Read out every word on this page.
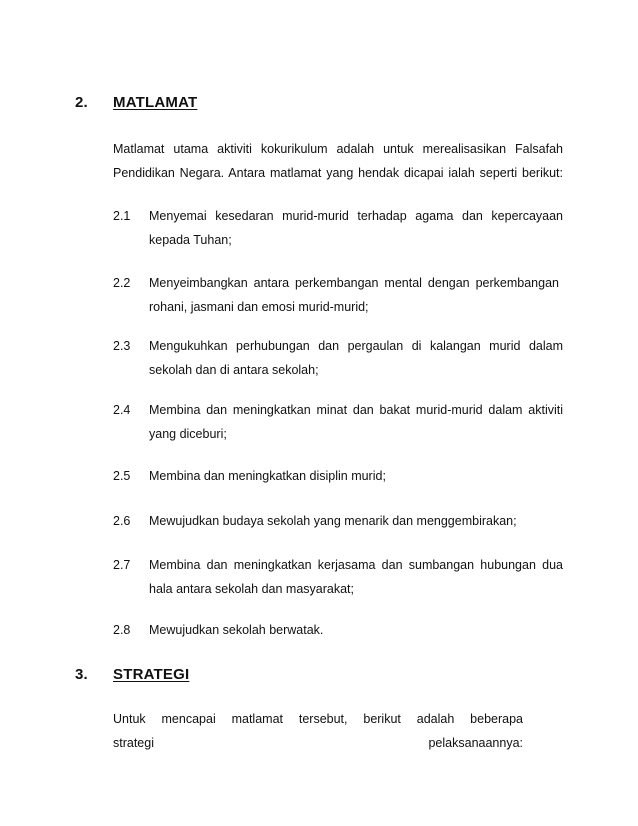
2. MATLAMAT
Matlamat utama aktiviti kokurikulum adalah untuk merealisasikan Falsafah
Pendidikan Negara. Antara matlamat yang hendak dicapai ialah seperti berikut:
2.1 Menyemai kesedaran murid-murid terhadap agama dan kepercayaan
kepada Tuhan;
2.2 Menyeimbangkan antara perkembangan mental dengan perkembangan
rohani, jasmani dan emosi murid-murid;
2.3 Mengukuhkan perhubungan dan pergaulan di kalangan murid dalam
sekolah dan di antara sekolah;
2.4 Membina dan meningkatkan minat dan bakat murid-murid dalam aktiviti
yang diceburi;
2.5 Membina dan meningkatkan disiplin murid;
2.6 Mewujudkan budaya sekolah yang menarik dan menggembirakan;
2.7 Membina dan meningkatkan kerjasama dan sumbangan hubungan dua
hala antara sekolah dan masyarakat;
2.8 Mewujudkan sekolah berwatak.
3. STRATEGI
Untuk mencapai matlamat tersebut, berikut adalah beberapa
strategi pelaksanaannya:
